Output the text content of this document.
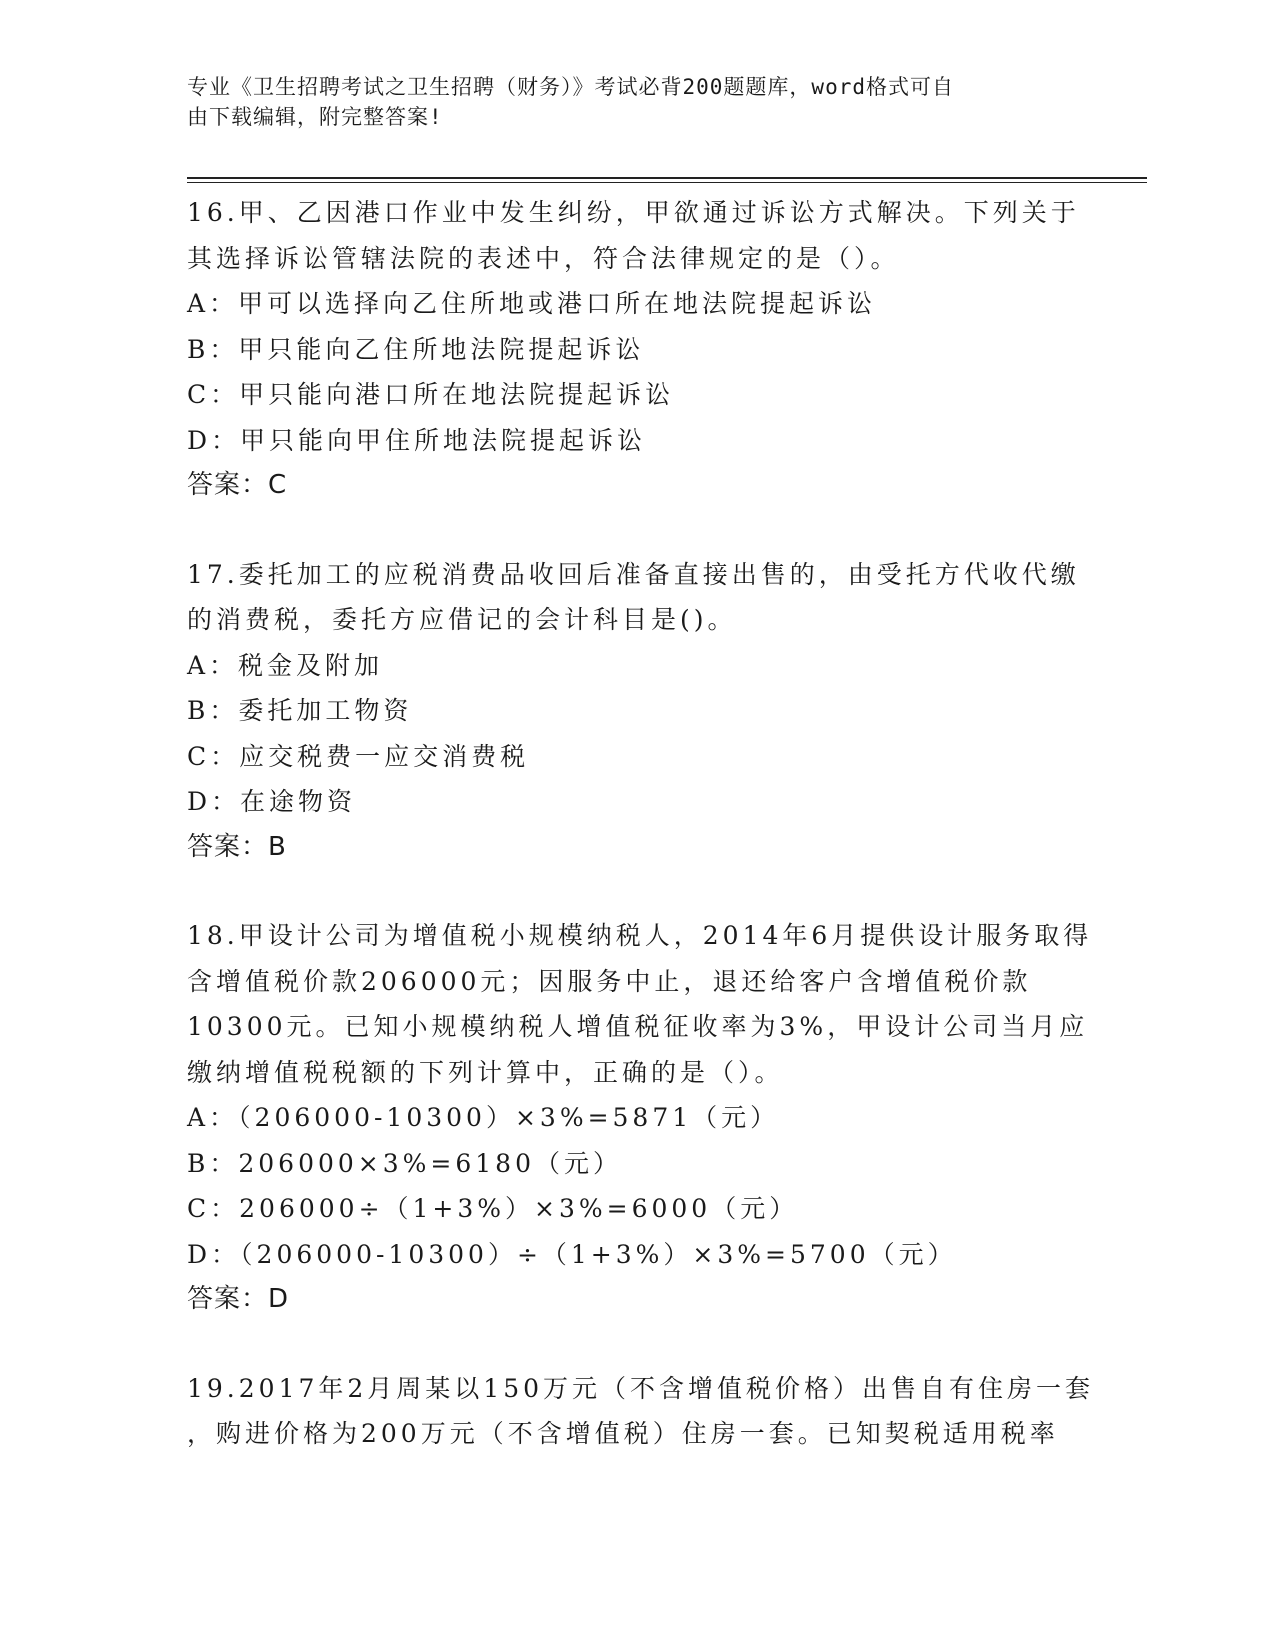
专业《卫生招聘考试之卫生招聘（财务）》考试必背200题题库，word格式可自
由下载编辑，附完整答案!
16.甲、乙因港口作业中发生纠纷，甲欲通过诉讼方式解决。下列关于
其选择诉讼管辖法院的表述中，符合法律规定的是（）。
A：甲可以选择向乙住所地或港口所在地法院提起诉讼
B：甲只能向乙住所地法院提起诉讼
C：甲只能向港口所在地法院提起诉讼
D：甲只能向甲住所地法院提起诉讼
答案：C
17.委托加工的应税消费品收回后准备直接出售的，由受托方代收代缴
的消费税，委托方应借记的会计科目是()。
A：税金及附加
B：委托加工物资
C：应交税费一应交消费税
D：在途物资
答案：B
18.甲设计公司为增值税小规模纳税人，2014年6月提供设计服务取得
含增值税价款206000元；因服务中止，退还给客户含增值税价款
10300元。已知小规模纳税人增值税征收率为3%，甲设计公司当月应
缴纳增值税税额的下列计算中，正确的是（）。
A：（206000-10300）×3%=5871（元）
B：206000×3%=6180（元）
C：206000÷（1+3%）×3%=6000（元）
D：（206000-10300）÷（1+3%）×3%=5700（元）
答案：D
19.2017年2月周某以150万元（不含增值税价格）出售自有住房一套
，购进价格为200万元（不含增值税）住房一套。已知契税适用税率
